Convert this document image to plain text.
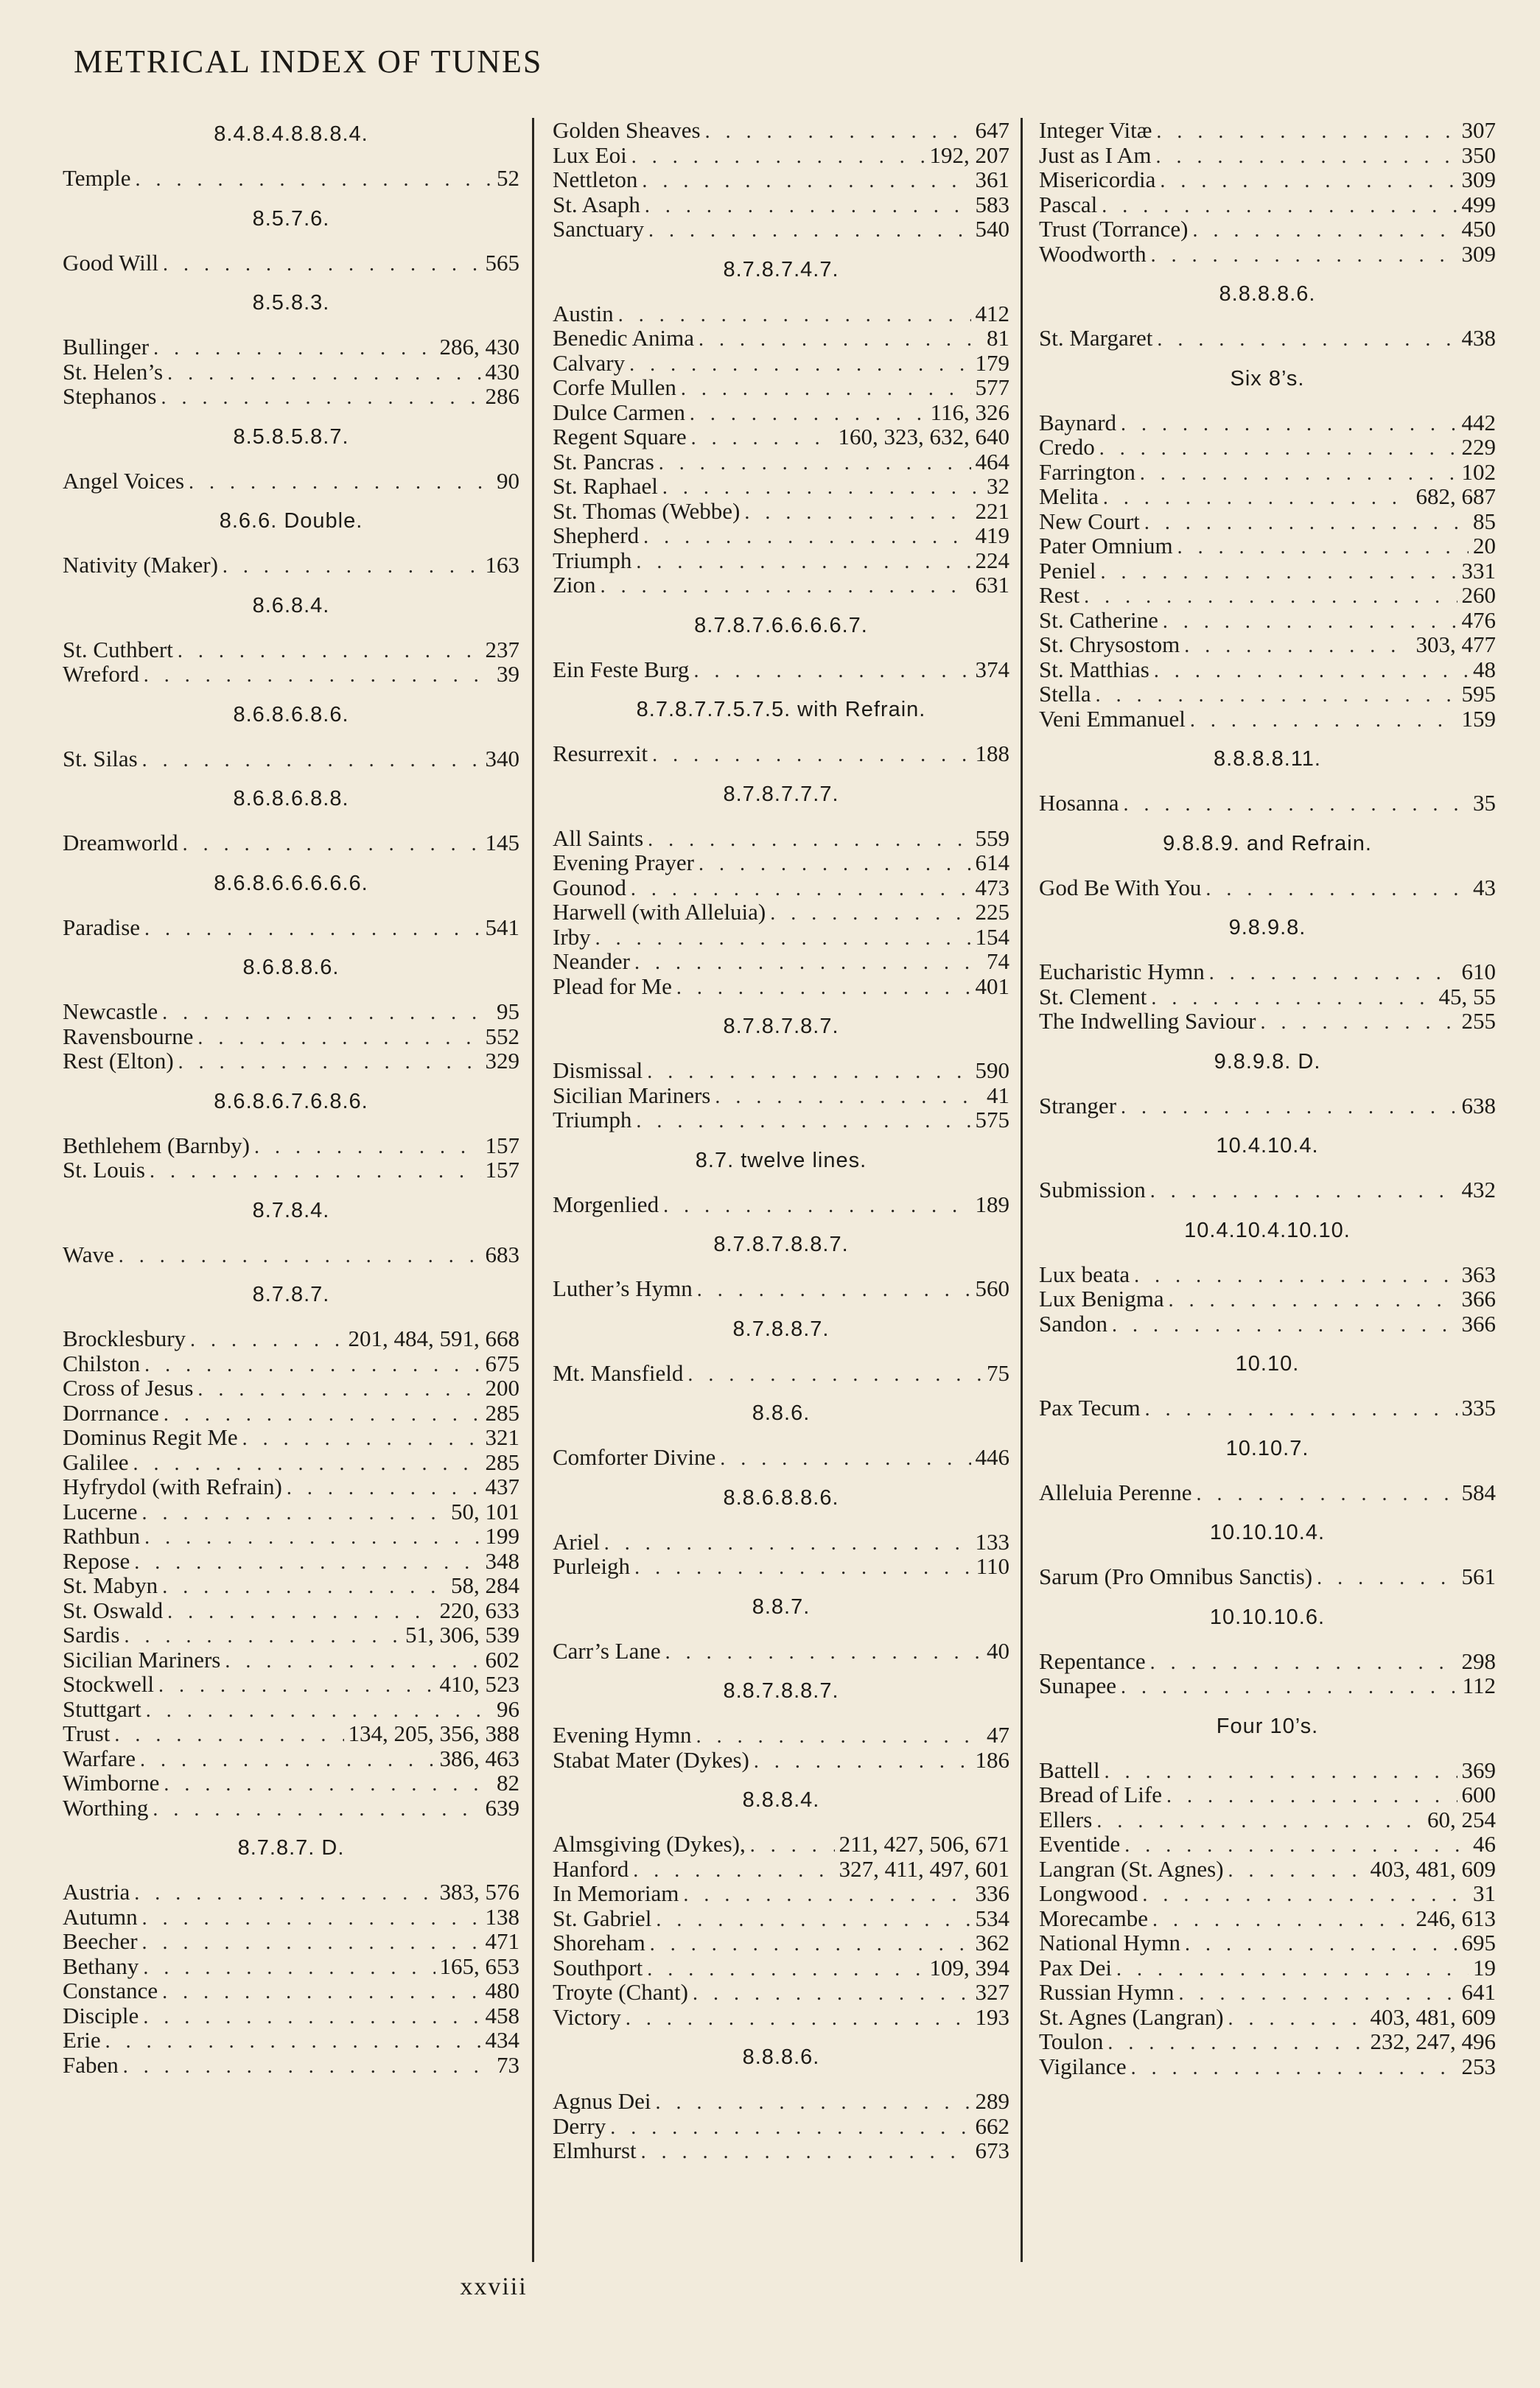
METRICAL INDEX OF TUNES
8.4.8.4.8.8.8.4.
Temple . . .	52
8.5.7.6.
Good Will . . .	565
8.5.8.3.
Bullinger . . .	286, 430
St. Helen’s . . .	430
Stephanos . . .	286
8.5.8.5.8.7.
Angel Voices . . .	90
8.6.6. Double.
Nativity (Maker) . . .	163
8.6.8.4.
St. Cuthbert . . .	237
Wreford . . .	39
8.6.8.6.8.6.
St. Silas . . .	340
8.6.8.6.8.8.
Dreamworld . . .	145
8.6.8.6.6.6.6.6.
Paradise . . .	541
8.6.8.8.6.
Newcastle . . .	95
Ravensbourne . . .	552
Rest (Elton) . . .	329
8.6.8.6.7.6.8.6.
Bethlehem (Barnby) . . .	157
St. Louis . . .	157
8.7.8.4.
Wave . . .	683
8.7.8.7.
Brocklesbury . . .	201, 484, 591, 668
Chilston . . .	675
Cross of Jesus . . .	200
Dorrnance . . .	285
Dominus Regit Me . . .	321
Galilee . . .	285
Hyfrydol (with Refrain) . . .	437
Lucerne . . .	50, 101
Rathbun . . .	199
Repose . . .	348
St. Mabyn . . .	58, 284
St. Oswald . . .	220, 633
Sardis . . .	51, 306, 539
Sicilian Mariners . . .	602
Stockwell . . .	410, 523
Stuttgart . . .	96
Trust . . .	134, 205, 356, 388
Warfare . . .	386, 463
Wimborne . . .	82
Worthing . . .	639
8.7.8.7. D.
Austria . . .	383, 576
Autumn . . .	138
Beecher . . .	471
Bethany . . .	165, 653
Constance . . .	480
Disciple . . .	458
Erie . . .	434
Faben . . .	73
Golden Sheaves . . .	647
Lux Eoi . . .	192, 207
Nettleton . . .	361
St. Asaph . . .	583
Sanctuary . . .	540
8.7.8.7.4.7.
Austin . . .	412
Benedic Anima . . .	81
Calvary . . .	179
Corfe Mullen . . .	577
Dulce Carmen . . .	116, 326
Regent Square . . .	160, 323, 632, 640
St. Pancras . . .	464
St. Raphael . . .	32
St. Thomas (Webbe) . . .	221
Shepherd . . .	419
Triumph . . .	224
Zion . . .	631
8.7.8.7.6.6.6.6.7.
Ein Feste Burg . . .	374
8.7.8.7.7.5.7.5. with Refrain.
Resurrexit . . .	188
8.7.8.7.7.7.
All Saints . . .	559
Evening Prayer . . .	614
Gounod . . .	473
Harwell (with Alleluia) . . .	225
Irby . . .	154
Neander . . .	74
Plead for Me . . .	401
8.7.8.7.8.7.
Dismissal . . .	590
Sicilian Mariners . . .	41
Triumph . . .	575
8.7. twelve lines.
Morgenlied . . .	189
8.7.8.7.8.8.7.
Luther’s Hymn . . .	560
8.7.8.8.7.
Mt. Mansfield . . .	75
8.8.6.
Comforter Divine . . .	446
8.8.6.8.8.6.
Ariel . . .	133
Purleigh . . .	110
8.8.7.
Carr’s Lane . . .	40
8.8.7.8.8.7.
Evening Hymn . . .	47
Stabat Mater (Dykes) . . .	186
8.8.8.4.
Almsgiving (Dykes), . . .	211, 427, 506, 671
Hanford . . .	327, 411, 497, 601
In Memoriam . . .	336
St. Gabriel . . .	534
Shoreham . . .	362
Southport . . .	109, 394
Troyte (Chant) . . .	327
Victory . . .	193
8.8.8.6.
Agnus Dei . . .	289
Derry . . .	662
Elmhurst . . .	673
Integer Vitæ . . .	307
Just as I Am . . .	350
Misericordia . . .	309
Pascal . . .	499
Trust (Torrance) . . .	450
Woodworth . . .	309
8.8.8.8.6.
St. Margaret . . .	438
Six 8’s.
Baynard . . .	442
Credo . . .	229
Farrington . . .	102
Melita . . .	682, 687
New Court . . .	85
Pater Omnium . . .	20
Peniel . . .	331
Rest . . .	260
St. Catherine . . .	476
St. Chrysostom . . .	303, 477
St. Matthias . . .	48
Stella . . .	595
Veni Emmanuel . . .	159
8.8.8.8.11.
Hosanna . . .	35
9.8.8.9. and Refrain.
God Be With You . . .	43
9.8.9.8.
Eucharistic Hymn . . .	610
St. Clement . . .	45, 55
The Indwelling Saviour . . .	255
9.8.9.8. D.
Stranger . . .	638
10.4.10.4.
Submission . . .	432
10.4.10.4.10.10.
Lux beata . . .	363
Lux Benigma . . .	366
Sandon . . .	366
10.10.
Pax Tecum . . .	335
10.10.7.
Alleluia Perenne . . .	584
10.10.10.4.
Sarum (Pro Omnibus Sanctis) . . .	561
10.10.10.6.
Repentance . . .	298
Sunapee . . .	112
Four 10’s.
Battell . . .	369
Bread of Life . . .	600
Ellers . . .	60, 254
Eventide . . .	46
Langran (St. Agnes) . . .	403, 481, 609
Longwood . . .	31
Morecambe . . .	246, 613
National Hymn . . .	695
Pax Dei . . .	19
Russian Hymn . . .	641
St. Agnes (Langran) . . .	403, 481, 609
Toulon . . .	232, 247, 496
Vigilance . . .	253
xxviii
